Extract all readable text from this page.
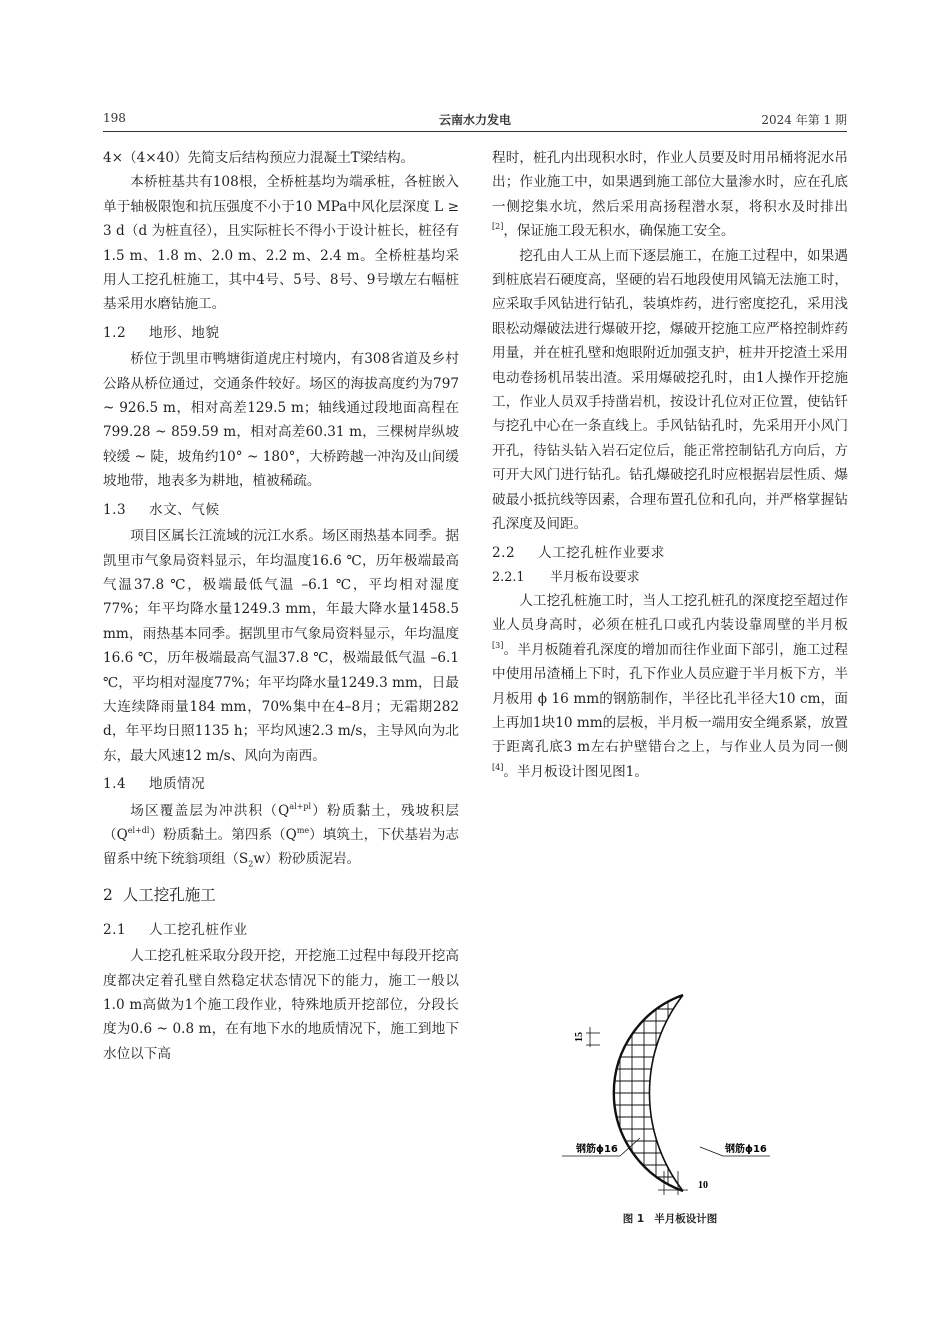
198	云南水力发电	2024 年第 1 期

4×（4×40）先简支后结构预应力混凝土T梁结构。

本桥桩基共有108根，全桥桩基均为端承桩，各桩嵌入单于轴极限饱和抗压强度不小于10 MPa中风化层深度 L ≥ 3 d（d 为桩直径），且实际桩长不得小于设计桩长，桩径有1.5 m、1.8 m、2.0 m、2.2 m、2.4 m。全桥桩基均采用人工挖孔桩施工，其中4号、5号、8号、9号墩左右幅桩基采用水磨钻施工。

1.2 地形、地貌

桥位于凯里市鸭塘街道虎庄村境内，有308省道及乡村公路从桥位通过，交通条件较好。场区的海拔高度约为797 ~ 926.5 m，相对高差129.5 m；轴线通过段地面高程在799.28 ~ 859.59 m，相对高差60.31 m，三棵树岸纵坡较缓 ~ 陡，坡角约10° ~ 180°，大桥跨越一冲沟及山间缓坡地带，地表多为耕地，植被稀疏。

1.3 水文、气候

项目区属长江流域的沅江水系。场区雨热基本同季。据凯里市气象局资料显示，年均温度16.6 ℃，历年极端最高气温37.8 ℃，极端最低气温 –6.1 ℃，平均相对湿度77%；年平均降水量1249.3 mm，年最大降水量1458.5 mm，雨热基本同季。据凯里市气象局资料显示，年均温度16.6 ℃，历年极端最高气温37.8 ℃，极端最低气温 –6.1 ℃，平均相对湿度77%；年平均降水量1249.3 mm，日最大连续降雨量184 mm，70%集中在4–8月；无霜期282 d，年平均日照1135 h；平均风速2.3 m/s，主导风向为北东，最大风速12 m/s、风向为南西。

1.4 地质情况

场区覆盖层为冲洪积$(Q^{al+pl})$粉质黏土，残坡积层$(Q^{el+dl})$粉质黏土。第四系$(Q^{me})$填筑土，下伏基岩为志留系中统下统翁项组$(S_2w)$粉砂质泥岩。

2 人工挖孔施工
2.1 人工挖孔桩作业

人工挖孔桩采取分段开挖，开挖施工过程中每段开挖高度都决定着孔壁自然稳定状态情况下的能力，施工一般以1.0 m高做为1个施工段作业，特殊地质开挖部位，分段长度为0.6 ~ 0.8 m，在有地下水的地质情况下，施工到地下水位以下高

程时，桩孔内出现积水时，作业人员要及时用吊桶将泥水吊出；作业施工中，如果遇到施工部位大量渗水时，应在孔底一侧挖集水坑，然后采用高扬程潜水泵，将积水及时排出[2]，保证施工段无积水，确保施工安全。

挖孔由人工从上而下逐层施工，在施工过程中，如果遇到桩底岩石硬度高，坚硬的岩石地段使用风镐无法施工时，应采取手风钻进行钻孔，装填炸药，进行密度挖孔，采用浅眼松动爆破法进行爆破开挖，爆破开挖施工应严格控制炸药用量，并在桩孔壁和炮眼附近加强支护，桩井开挖渣土采用电动卷扬机吊装出渣。采用爆破挖孔时，由1人操作开挖施工，作业人员双手持凿岩机，按设计孔位对正位置，使钻钎与挖孔中心在一条直线上。手风钻钻孔时，先采用开小风门开孔，待钻头钻入岩石定位后，能正常控制钻孔方向后，方可开大风门进行钻孔。钻孔爆破挖孔时应根据岩层性质、爆破最小抵抗线等因素，合理布置孔位和孔向，并严格掌握钻孔深度及间距。

2.2 人工挖孔桩作业要求
2.2.1 半月板布设要求

人工挖孔桩施工时，当人工挖孔桩孔的深度挖至超过作业人员身高时，必须在桩孔口或孔内装设靠周壁的半月板[3]。半月板随着孔深度的增加而往作业面下部引，施工过程中使用吊渣桶上下时，孔下作业人员应避于半月板下方，半月板用 ϕ 16 mm的钢筋制作，半径比孔半径大10 cm，面上再加1块10 mm的层板，半月板一端用安全绳系紧，放置于距离孔底3 m左右护壁错台之上，与作业人员为同一侧[4]。半月板设计图见图1。

15
钢筋ϕ16	钢筋ϕ16
10
图 1 半月板设计图
